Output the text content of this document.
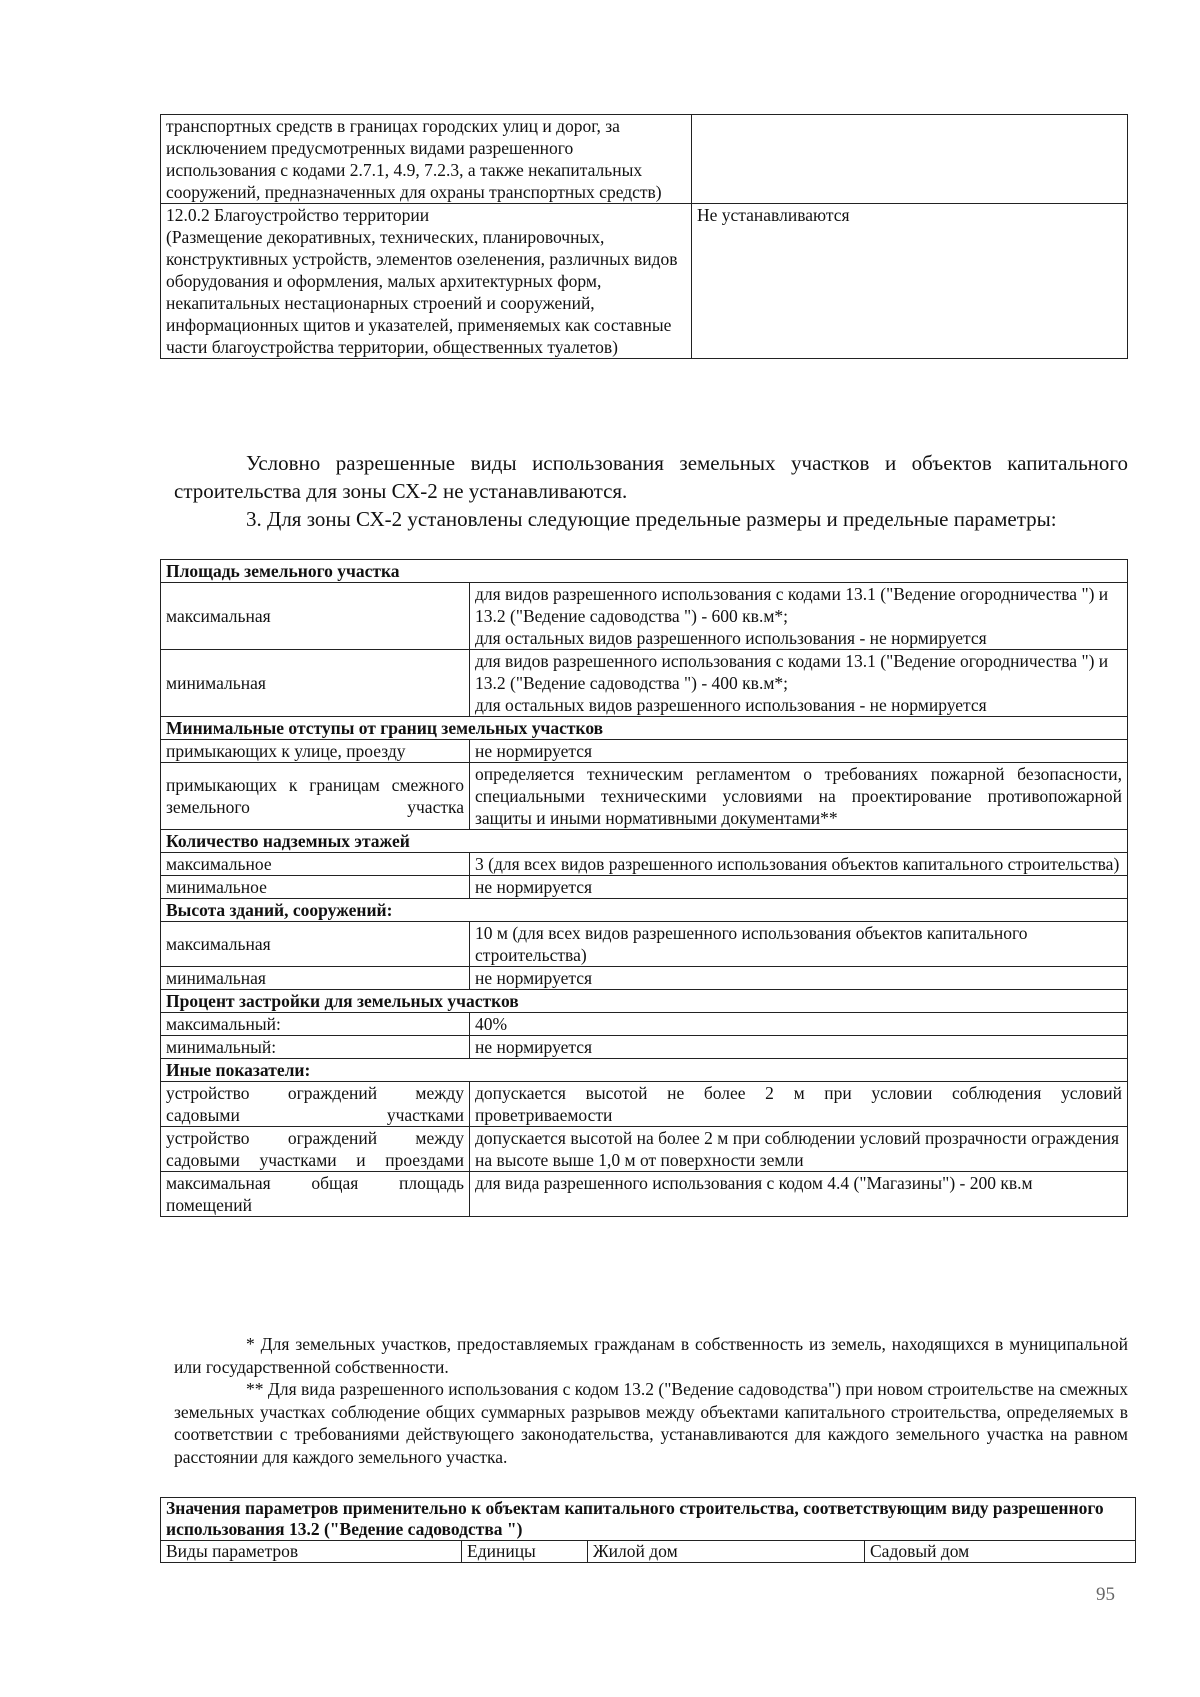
транспортных средств в границах городских улиц и дорог, за исключением предусмотренных видами разрешенного использования с кодами 2.7.1, 4.9, 7.2.3, а также некапитальных сооружений, предназначенных для охраны транспортных средств)	

12.0.2 Благоустройство территории
(Размещение декоративных, технических, планировочных, конструктивных устройств, элементов озеленения, различных видов оборудования и оформления, малых архитектурных форм, некапитальных нестационарных строений и сооружений, информационных щитов и указателей, применяемых как составные части благоустройства территории, общественных туалетов)	Не устанавливаются
Условно разрешенные виды использования земельных участков и объектов капитального строительства для зоны СХ-2 не устанавливаются.
3. Для зоны СХ-2 установлены следующие предельные размеры и предельные параметры:
Площадь земельного участка	
максимальная	для видов разрешенного использования с кодами 13.1 ("Ведение огородничества ") и 13.2 ("Ведение садоводства ") - 600 кв.м*;
для остальных видов разрешенного использования - не нормируется

минимальная	для видов разрешенного использования с кодами 13.1 ("Ведение огородничества ") и 13.2 ("Ведение садоводства ") - 400 кв.м*;
для остальных видов разрешенного использования - не нормируется

Минимальные отступы от границ земельных участков	
примыкающих к улице, проезду	не нормируется
примыкающих к границам смежного земельного участка	определяется техническим регламентом о требованиях пожарной безопасности, специальными техническими условиями на проектирование противопожарной защиты и иными нормативными документами**
Количество надземных этажей	
максимальное	3 (для всех видов разрешенного использования объектов капитального строительства)
минимальное	не нормируется
Высота зданий, сооружений:	
максимальная	10 м (для всех видов разрешенного использования объектов капитального строительства)
минимальная	не нормируется
Процент застройки для земельных участков	
максимальный:	40%
минимальный:	не нормируется
Иные показатели:	
устройство ограждений между садовыми участками	допускается высотой не более 2 м при условии соблюдения условий проветриваемости
устройство ограждений между садовыми участками и проездами	допускается высотой на более 2 м при соблюдении условий прозрачности ограждения на высоте выше 1,0 м от поверхности земли
максимальная общая площадь помещений	для вида разрешенного использования с кодом 4.4 ("Магазины") - 200 кв.м
* Для земельных участков, предоставляемых гражданам в собственность из земель, находящихся в муниципальной или государственной собственности.
** Для вида разрешенного использования с кодом 13.2 ("Ведение садоводства") при новом строительстве на смежных земельных участках соблюдение общих суммарных разрывов между объектами капитального строительства, определяемых в соответствии с требованиями действующего законодательства, устанавливаются для каждого земельного участка на равном расстоянии для каждого земельного участка.
Значения параметров применительно к объектам капитального строительства, соответствующим виду разрешенного использования 13.2 ("Ведение садоводства ")
Виды параметров	Единицы	Жилой дом	Садовый дом
95
